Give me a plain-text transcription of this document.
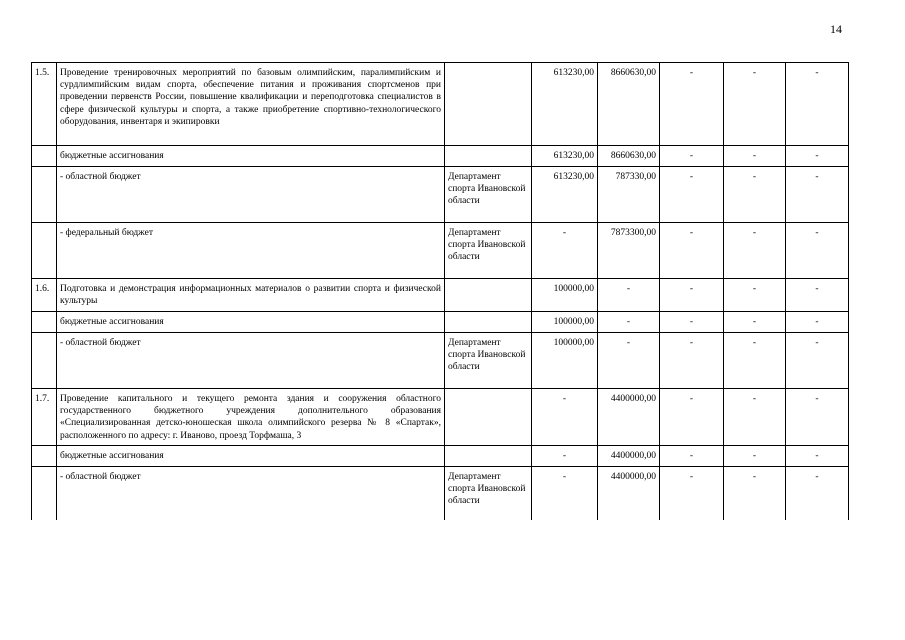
14
1.5.	Проведение тренировочных мероприятий по базовым олимпийским, паралимпийским и сурдлимпийским видам спорта, обеспечение питания и проживания спортсменов при проведении первенств России, повышение квалификации и переподготовка специалистов в сфере физической культуры и спорта, а также приобретение спортивно-технологического оборудования, инвентаря и экипировки		613230,00	8660630,00	-	-	-
	бюджетные ассигнования		613230,00	8660630,00	-	-	-
	- областной бюджет	Департамент спорта Ивановской области	613230,00	787330,00	-	-	-
	- федеральный бюджет	Департамент спорта Ивановской области	-	7873300,00	-	-	-
1.6.	Подготовка и демонстрация информационных материалов о развитии спорта и физической культуры		100000,00	-	-	-	-
	бюджетные ассигнования		100000,00	-	-	-	-
	- областной бюджет	Департамент спорта Ивановской области	100000,00	-	-	-	-
1.7.	Проведение капитального и текущего ремонта здания и сооружения областного государственного бюджетного учреждения дополнительного образования «Специализированная детско-юношеская школа олимпийского резерва № 8 «Спартак», расположенного по адресу: г. Иваново, проезд Торфмаша, 3		-	4400000,00	-	-	-
	бюджетные ассигнования		-	4400000,00	-	-	-
	- областной бюджет	Департамент спорта Ивановской области	-	4400000,00	-	-	-
